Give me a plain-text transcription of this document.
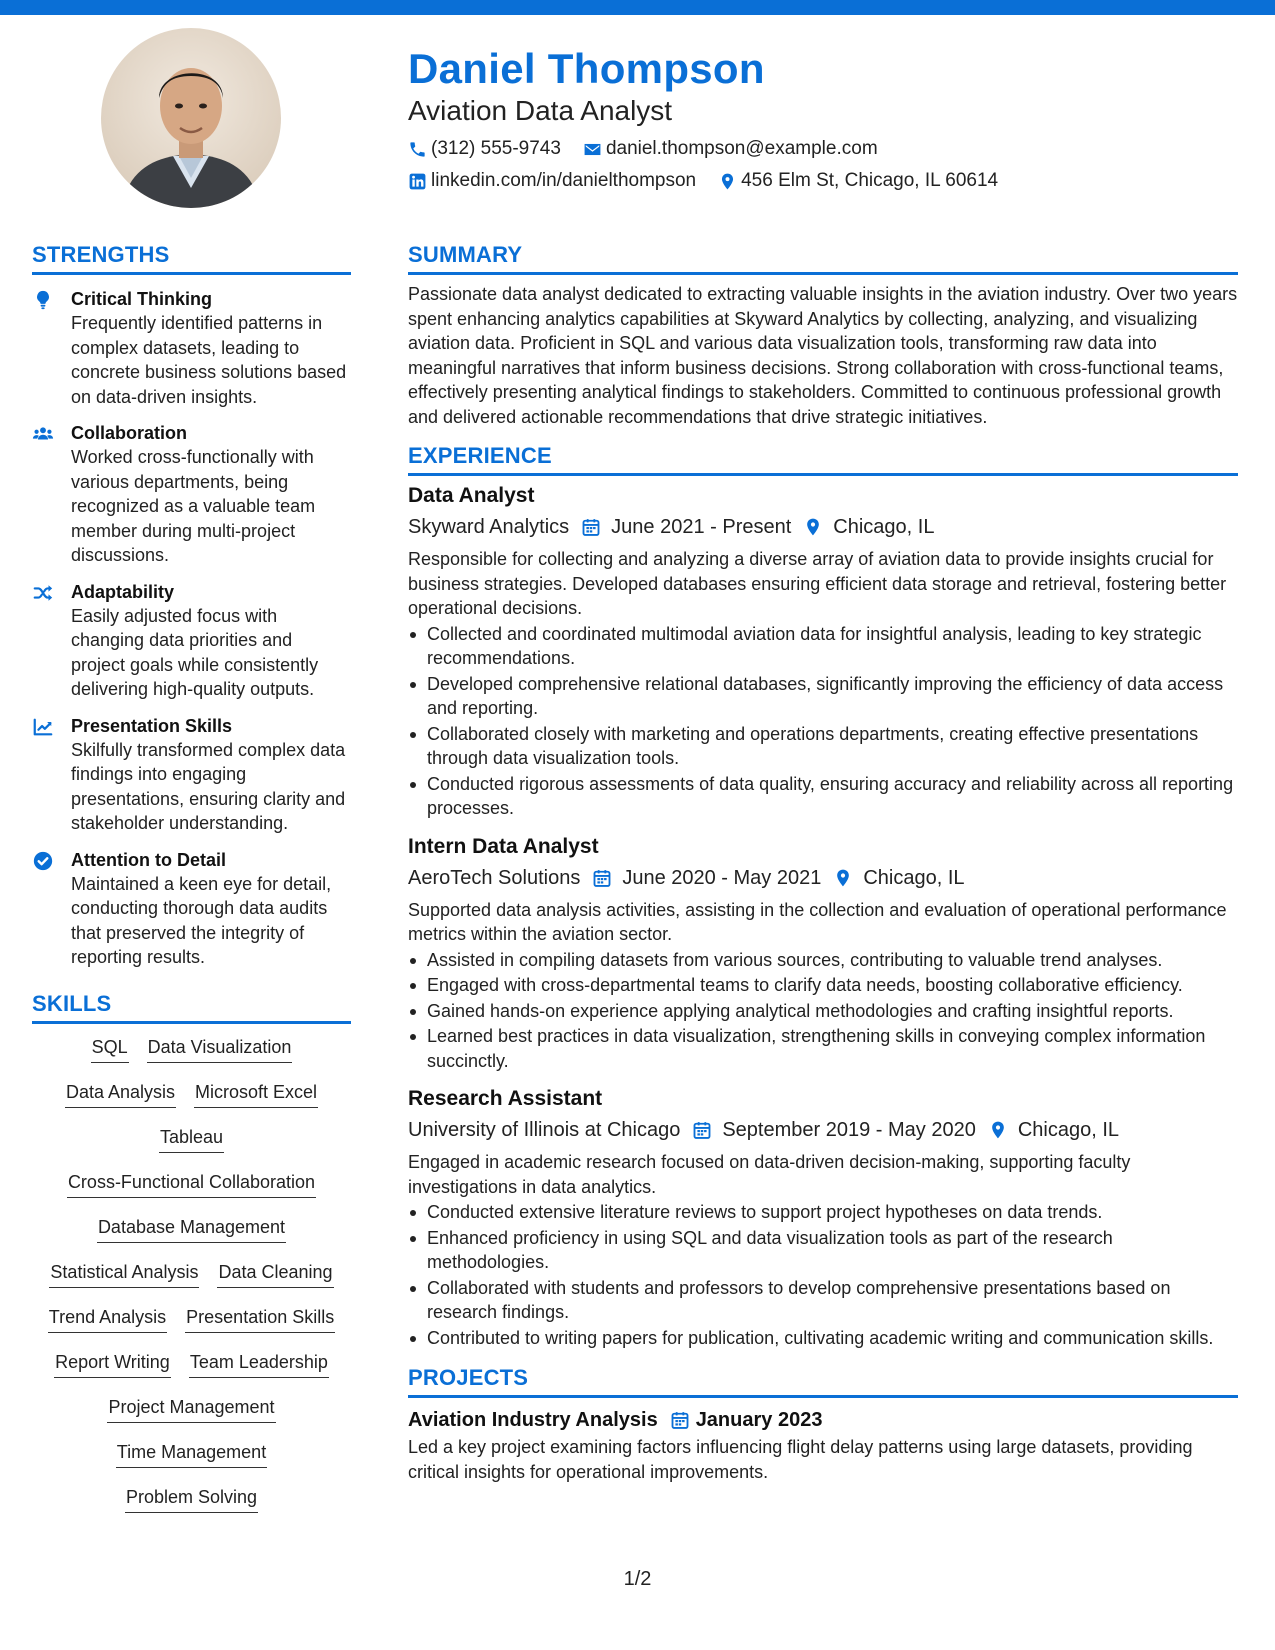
Daniel Thompson
Aviation Data Analyst
(312) 555-9743 daniel.thompson@example.com
linkedin.com/in/danielthompson 456 Elm St, Chicago, IL 60614
STRENGTHS
Critical Thinking
Frequently identified patterns in complex datasets, leading to concrete business solutions based on data-driven insights.
Collaboration
Worked cross-functionally with various departments, being recognized as a valuable team member during multi-project discussions.
Adaptability
Easily adjusted focus with changing data priorities and project goals while consistently delivering high-quality outputs.
Presentation Skills
Skilfully transformed complex data findings into engaging presentations, ensuring clarity and stakeholder understanding.
Attention to Detail
Maintained a keen eye for detail, conducting thorough data audits that preserved the integrity of reporting results.
SKILLS
SQL Data Visualization
Data Analysis Microsoft Excel
Tableau
Cross-Functional Collaboration
Database Management
Statistical Analysis Data Cleaning
Trend Analysis Presentation Skills
Report Writing Team Leadership
Project Management
Time Management
Problem Solving
SUMMARY
Passionate data analyst dedicated to extracting valuable insights in the aviation industry. Over two years spent enhancing analytics capabilities at Skyward Analytics by collecting, analyzing, and visualizing aviation data. Proficient in SQL and various data visualization tools, transforming raw data into meaningful narratives that inform business decisions. Strong collaboration with cross-functional teams, effectively presenting analytical findings to stakeholders. Committed to continuous professional growth and delivered actionable recommendations that drive strategic initiatives.
EXPERIENCE
Data Analyst
Skyward Analytics June 2021 - Present Chicago, IL
Responsible for collecting and analyzing a diverse array of aviation data to provide insights crucial for business strategies. Developed databases ensuring efficient data storage and retrieval, fostering better operational decisions.
Collected and coordinated multimodal aviation data for insightful analysis, leading to key strategic recommendations.
Developed comprehensive relational databases, significantly improving the efficiency of data access and reporting.
Collaborated closely with marketing and operations departments, creating effective presentations through data visualization tools.
Conducted rigorous assessments of data quality, ensuring accuracy and reliability across all reporting processes.
Intern Data Analyst
AeroTech Solutions June 2020 - May 2021 Chicago, IL
Supported data analysis activities, assisting in the collection and evaluation of operational performance metrics within the aviation sector.
Assisted in compiling datasets from various sources, contributing to valuable trend analyses.
Engaged with cross-departmental teams to clarify data needs, boosting collaborative efficiency.
Gained hands-on experience applying analytical methodologies and crafting insightful reports.
Learned best practices in data visualization, strengthening skills in conveying complex information succinctly.
Research Assistant
University of Illinois at Chicago September 2019 - May 2020 Chicago, IL
Engaged in academic research focused on data-driven decision-making, supporting faculty investigations in data analytics.
Conducted extensive literature reviews to support project hypotheses on data trends.
Enhanced proficiency in using SQL and data visualization tools as part of the research methodologies.
Collaborated with students and professors to develop comprehensive presentations based on research findings.
Contributed to writing papers for publication, cultivating academic writing and communication skills.
PROJECTS
Aviation Industry Analysis January 2023
Led a key project examining factors influencing flight delay patterns using large datasets, providing critical insights for operational improvements.
1/2
